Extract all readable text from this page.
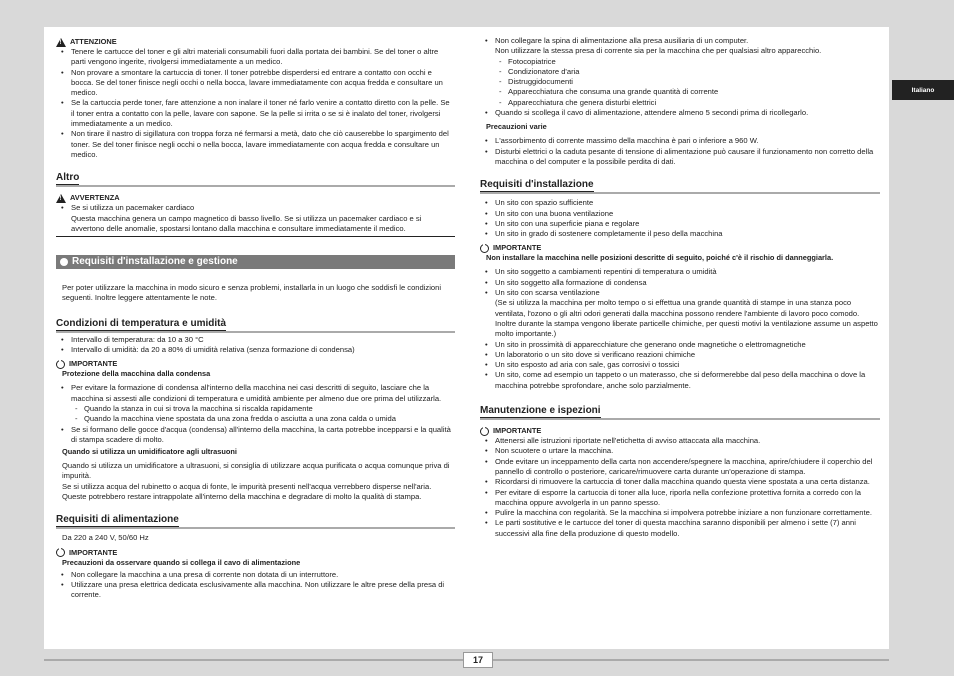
!
ATTENZIONE
• Tenere le cartucce del toner e gli altri materiali consumabili fuori dalla portata dei bambini. Se del toner o altre parti vengono ingerite, rivolgersi immediatamente a un medico.
• Non provare a smontare la cartuccia di toner. Il toner potrebbe disperdersi ed entrare a contatto con occhi e bocca. Se del toner finisce negli occhi o nella bocca, lavare immediatamente con acqua fredda e consultare un medico.
• Se la cartuccia perde toner, fare attenzione a non inalare il toner né farlo venire a contatto diretto con la pelle. Se il toner entra a contatto con la pelle, lavare con sapone. Se la pelle si irrita o se si è inalato del toner, rivolgersi immediatamente a un medico.
• Non tirare il nastro di sigillatura con troppa forza né fermarsi a metà, dato che ciò causerebbe lo spargimento del toner. Se del toner finisce negli occhi o nella bocca, lavare immediatamente con acqua fredda e consultare un medico.
Altro
!
AVVERTENZA
• Se si utilizza un pacemaker cardiaco
Questa macchina genera un campo magnetico di basso livello. Se si utilizza un pacemaker cardiaco e si avvertono delle anomalie, spostarsi lontano dalla macchina e consultare immediatamente il medico.
Requisiti d'installazione e gestione
Per poter utilizzare la macchina in modo sicuro e senza problemi, installarla in un luogo che soddisfi le condizioni seguenti. Inoltre leggere attentamente le note.
Condizioni di temperatura e umidità
• Intervallo di temperatura: da 10 a 30 °C
• Intervallo di umidità: da 20 a 80% di umidità relativa (senza formazione di condensa)
IMPORTANTE
Protezione della macchina dalla condensa
• Per evitare la formazione di condensa all'interno della macchina nei casi descritti di seguito, lasciare che la macchina si assesti alle condizioni di temperatura e umidità ambiente per almeno due ore prima del utilizzarla.
- Quando la stanza in cui si trova la macchina si riscalda rapidamente
- Quando la macchina viene spostata da una zona fredda o asciutta a una zona calda o umida
• Se si formano delle gocce d'acqua (condensa) all'interno della macchina, la carta potrebbe incepparsi e la qualità di stampa scadere di molto.
Quando si utilizza un umidificatore agli ultrasuoni
Quando si utilizza un umidificatore a ultrasuoni, si consiglia di utilizzare acqua purificata o acqua comunque priva di impurità.
Se si utilizza acqua del rubinetto o acqua di fonte, le impurità presenti nell'acqua verrebbero disperse nell'aria. Queste potrebbero restare intrappolate all'interno della macchina e degradare di molto la qualità di stampa.
Requisiti di alimentazione
Da 220 a 240 V, 50/60 Hz
IMPORTANTE
Precauzioni da osservare quando si collega il cavo di alimentazione
• Non collegare la macchina a una presa di corrente non dotata di un interruttore.
• Utilizzare una presa elettrica dedicata esclusivamente alla macchina. Non utilizzare le altre prese della presa di corrente.
• Non collegare la spina di alimentazione alla presa ausiliaria di un computer.
Non utilizzare la stessa presa di corrente sia per la macchina che per qualsiasi altro apparecchio.
- Fotocopiatrice
- Condizionatore d'aria
- Distruggidocumenti
- Apparecchiatura che consuma una grande quantità di corrente
- Apparecchiatura che genera disturbi elettrici
• Quando si scollega il cavo di alimentazione, attendere almeno 5 secondi prima di ricollegarlo.
Precauzioni varie
• L'assorbimento di corrente massimo della macchina è pari o inferiore a 960 W.
• Disturbi elettrici o la caduta pesante di tensione di alimentazione può causare il funzionamento non corretto della macchina o del computer e la possibile perdita di dati.
Requisiti d'installazione
• Un sito con spazio sufficiente
• Un sito con una buona ventilazione
• Un sito con una superficie piana e regolare
• Un sito in grado di sostenere completamente il peso della macchina
IMPORTANTE
Non installare la macchina nelle posizioni descritte di seguito, poiché c'è il rischio di danneggiarla.
• Un sito soggetto a cambiamenti repentini di temperatura o umidità
• Un sito soggetto alla formazione di condensa
• Un sito con scarsa ventilazione
(Se si utilizza la macchina per molto tempo o si effettua una grande quantità di stampe in una stanza poco ventilata, l'ozono o gli altri odori generati dalla macchina possono rendere l'ambiente di lavoro poco comodo. Inoltre durante la stampa vengono liberate particelle chimiche, per questi motivi la ventilazione assume un aspetto molto importante.)
• Un sito in prossimità di apparecchiature che generano onde magnetiche o elettromagnetiche
• Un laboratorio o un sito dove si verificano reazioni chimiche
• Un sito esposto ad aria con sale, gas corrosivi o tossici
• Un sito, come ad esempio un tappeto o un materasso, che si deformerebbe dal peso della macchina o dove la macchina potrebbe sprofondare, anche solo parzialmente.
Manutenzione e ispezioni
IMPORTANTE
• Attenersi alle istruzioni riportate nell'etichetta di avviso attaccata alla macchina.
• Non scuotere o urtare la macchina.
• Onde evitare un inceppamento della carta non accendere/spegnere la macchina, aprire/chiudere il coperchio del pannello di controllo o posteriore, caricare/rimuovere carta durante un'operazione di stampa.
• Ricordarsi di rimuovere la cartuccia di toner dalla macchina quando questa viene spostata a una certa distanza.
• Per evitare di esporre la cartuccia di toner alla luce, riporla nella confezione protettiva fornita a corredo con la macchina oppure avvolgerla in un panno spesso.
• Pulire la macchina con regolarità. Se la macchina si impolvera potrebbe iniziare a non funzionare correttamente.
• Le parti sostitutive e le cartucce del toner di questa macchina saranno disponibili per almeno i sette (7) anni successivi alla fine della produzione di questo modello.
Italiano
17
